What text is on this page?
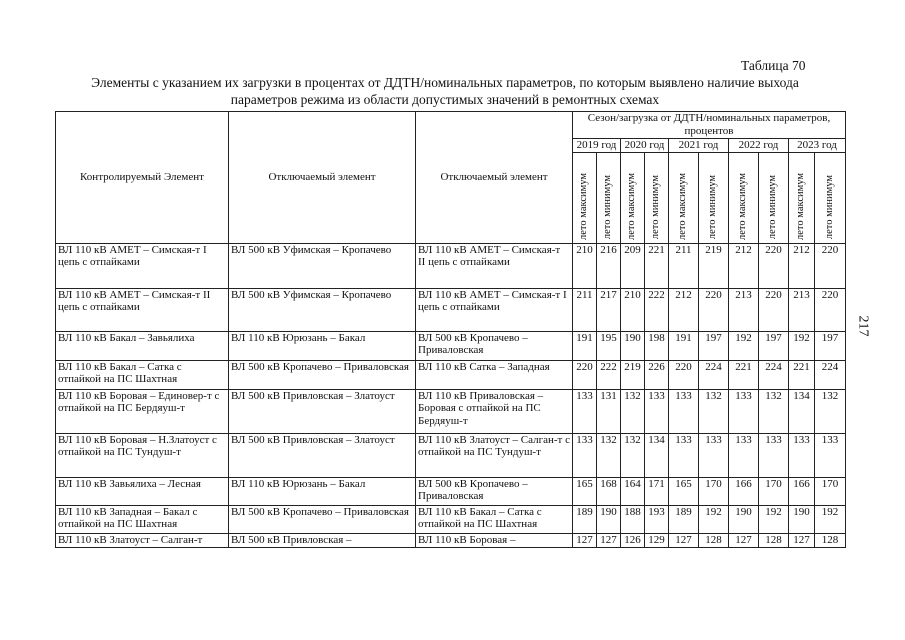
Таблица 70
Элементы с указанием их загрузки в процентах от ДДТН/номинальных параметров, по которым выявлено наличие выхода параметров режима из области допустимых значений в ремонтных схемах
217
Контролируемый Элемент	Отключаемый элемент	Отключаемый элемент	Сезон/загрузка от ДДТН/номинальных параметров, процентов									
			2019 год		2020 год		2021 год		2022 год		2023 год	

			лето максимум	лето минимум	лето максимум	лето минимум	лето максимум	лето минимум	лето максимум	лето минимум	лето максимум	лето минимум

ВЛ 110 кВ АМЕТ – Симская-т I цепь с отпайками	ВЛ 500 кВ Уфимская – Кропачево	ВЛ 110 кВ АМЕТ – Симская-т II цепь с отпайками	210	216	209	221	211	219	212	220	212	220
ВЛ 110 кВ АМЕТ – Симская-т II цепь с отпайками	ВЛ 500 кВ Уфимская – Кропачево	ВЛ 110 кВ АМЕТ – Симская-т I цепь с отпайками	211	217	210	222	212	220	213	220	213	220
ВЛ 110 кВ Бакал – Завьялиха	ВЛ 110 кВ Юрюзань – Бакал	ВЛ 500 кВ Кропачево – Приваловская	191	195	190	198	191	197	192	197	192	197
ВЛ 110 кВ Бакал – Сатка с отпайкой на ПС Шахтная	ВЛ 500 кВ Кропачево – Приваловская	ВЛ 110 кВ Сатка – Западная	220	222	219	226	220	224	221	224	221	224
ВЛ 110 кВ Боровая – Единовер-т с отпайкой на ПС Бердяуш-т	ВЛ 500 кВ Привловская – Златоуст	ВЛ 110 кВ Приваловская – Боровая с отпайкой на ПС Бердяуш-т	133	131	132	133	133	132	133	132	134	132
ВЛ 110 кВ Боровая – Н.Златоуст с отпайкой на ПС Тундуш-т	ВЛ 500 кВ Привловская – Златоуст	ВЛ 110 кВ Златоуст – Салган-т с отпайкой на ПС Тундуш-т	133	132	132	134	133	133	133	133	133	133
ВЛ 110 кВ Завьялиха – Лесная	ВЛ 110 кВ Юрюзань – Бакал	ВЛ 500 кВ Кропачево – Приваловская	165	168	164	171	165	170	166	170	166	170
ВЛ 110 кВ Западная – Бакал с отпайкой на ПС Шахтная	ВЛ 500 кВ Кропачево – Приваловская	ВЛ 110 кВ Бакал – Сатка с отпайкой на ПС Шахтная	189	190	188	193	189	192	190	192	190	192
ВЛ 110 кВ Златоуст – Салган-т	ВЛ 500 кВ Привловская –	ВЛ 110 кВ Боровая –	127	127	126	129	127	128	127	128	127	128
